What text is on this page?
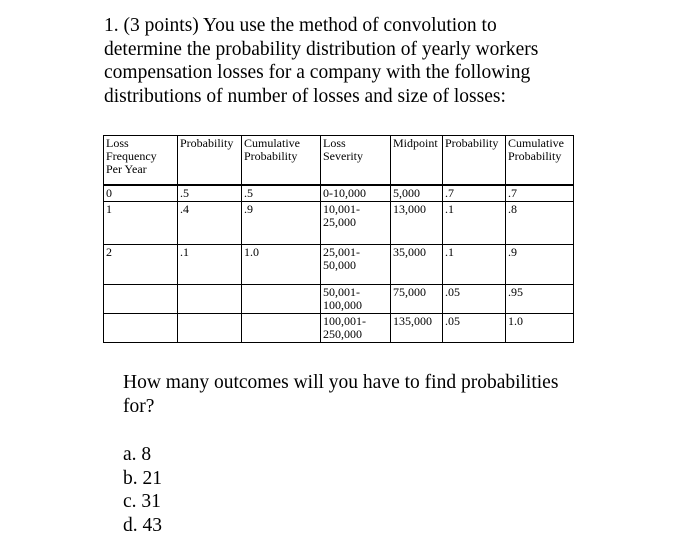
1. (3 points) You use the method of convolution to determine the probability distribution of yearly workers compensation losses for a company with the following distributions of number of losses and size of losses:

Loss Frequency Per Year	Probability	Cumulative Probability	Loss Severity	Midpoint	Probability	Cumulative Probability
0	.5	.5	0-10,000	5,000	.7	.7
1	.4	.9	10,001-25,000	13,000	.1	.8
2	.1	1.0	25,001-50,000	35,000	.1	.9
			50,001-100,000	75,000	.05	.95
			100,001-250,000	135,000	.05	1.0

How many outcomes will you have to find probabilities for?

a. 8
b. 21
c. 31
d. 43
